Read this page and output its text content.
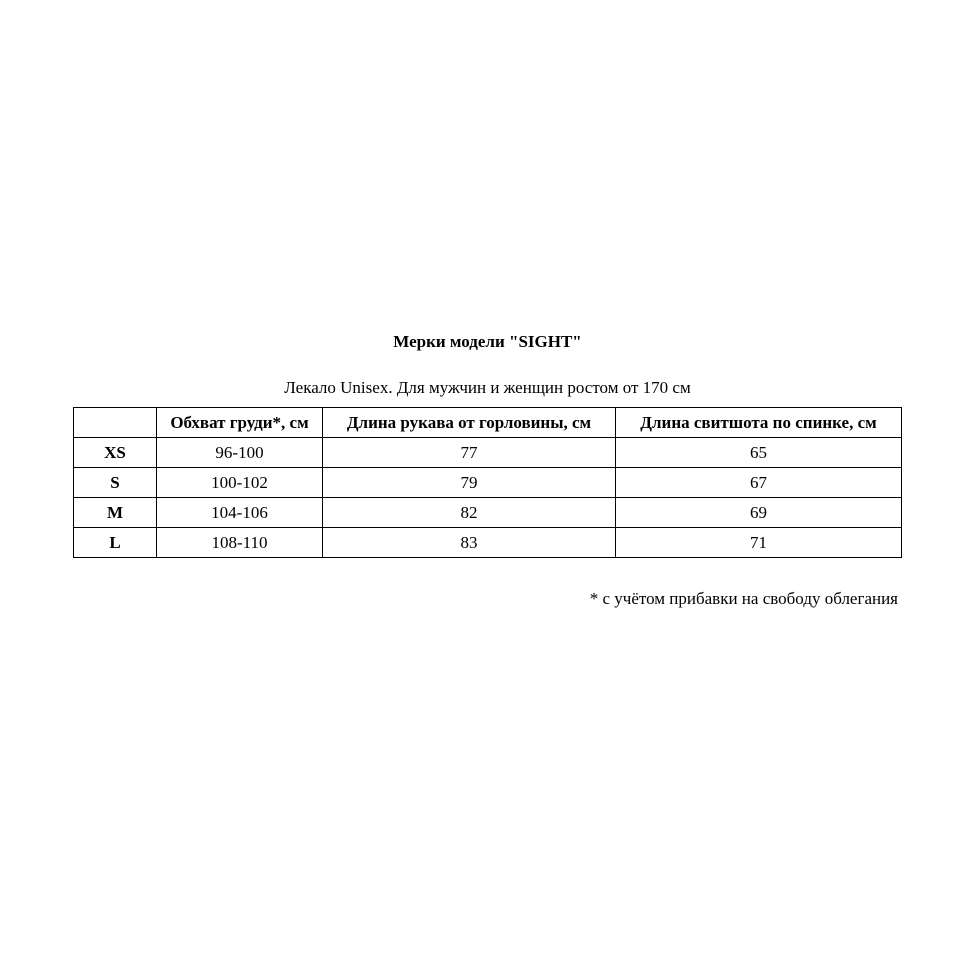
Мерки модели "SIGHT"
Лекало Unisex. Для мужчин и женщин ростом от 170 см
	Обхват груди*, см	Длина рукава от горловины, см	Длина свитшота по спинке, см
XS	96-100	77	65
S	100-102	79	67
M	104-106	82	69
L	108-110	83	71
* с учётом прибавки на свободу облегания
